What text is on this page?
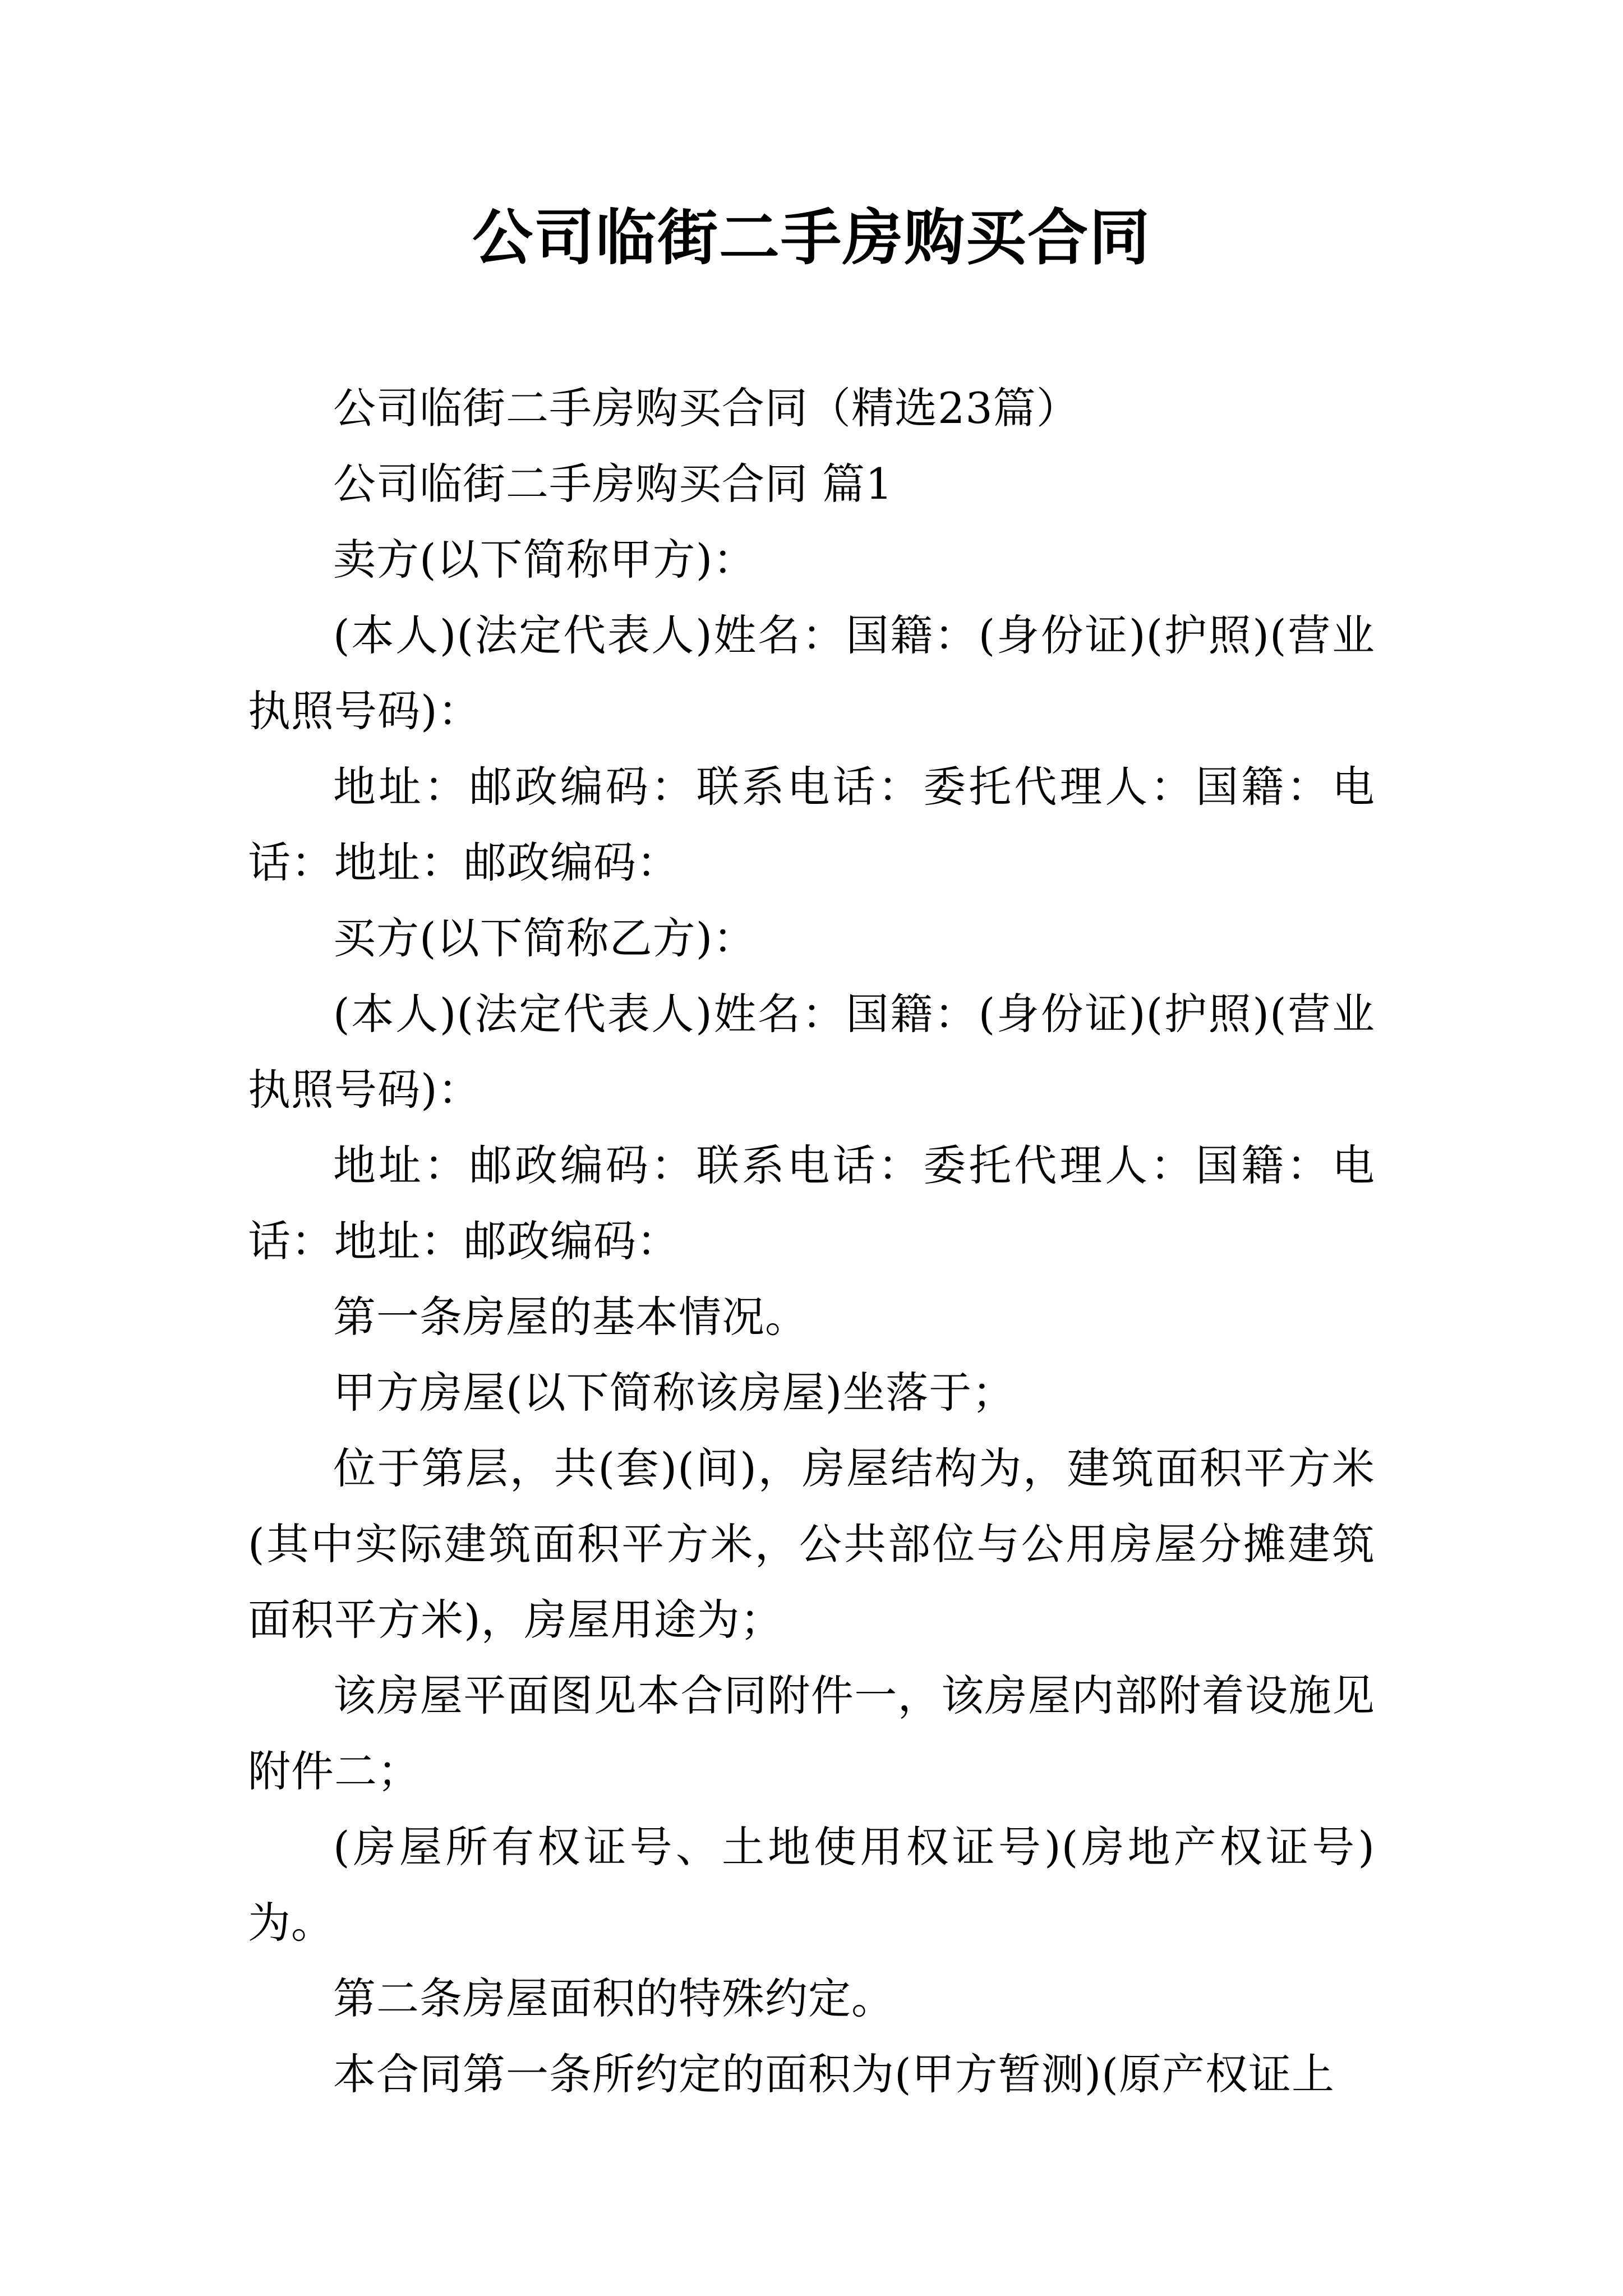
公司临街二手房购买合同

公司临街二手房购买合同（精选23篇）

公司临街二手房购买合同 篇1

卖方(以下简称甲方)：

(本人)(法定代表人)姓名：国籍：(身份证)(护照)(营业执照号码)：

地址：邮政编码：联系电话：委托代理人：国籍：电话：地址：邮政编码：

买方(以下简称乙方)：

(本人)(法定代表人)姓名：国籍：(身份证)(护照)(营业执照号码)：

地址：邮政编码：联系电话：委托代理人：国籍：电话：地址：邮政编码：

第一条房屋的基本情况。

甲方房屋(以下简称该房屋)坐落于；

位于第层，共(套)(间)，房屋结构为，建筑面积平方米(其中实际建筑面积平方米，公共部位与公用房屋分摊建筑面积平方米)，房屋用途为；

该房屋平面图见本合同附件一，该房屋内部附着设施见附件二；

(房屋所有权证号、土地使用权证号)(房地产权证号)为。

第二条房屋面积的特殊约定。

本合同第一条所约定的面积为(甲方暂测)(原产权证上
